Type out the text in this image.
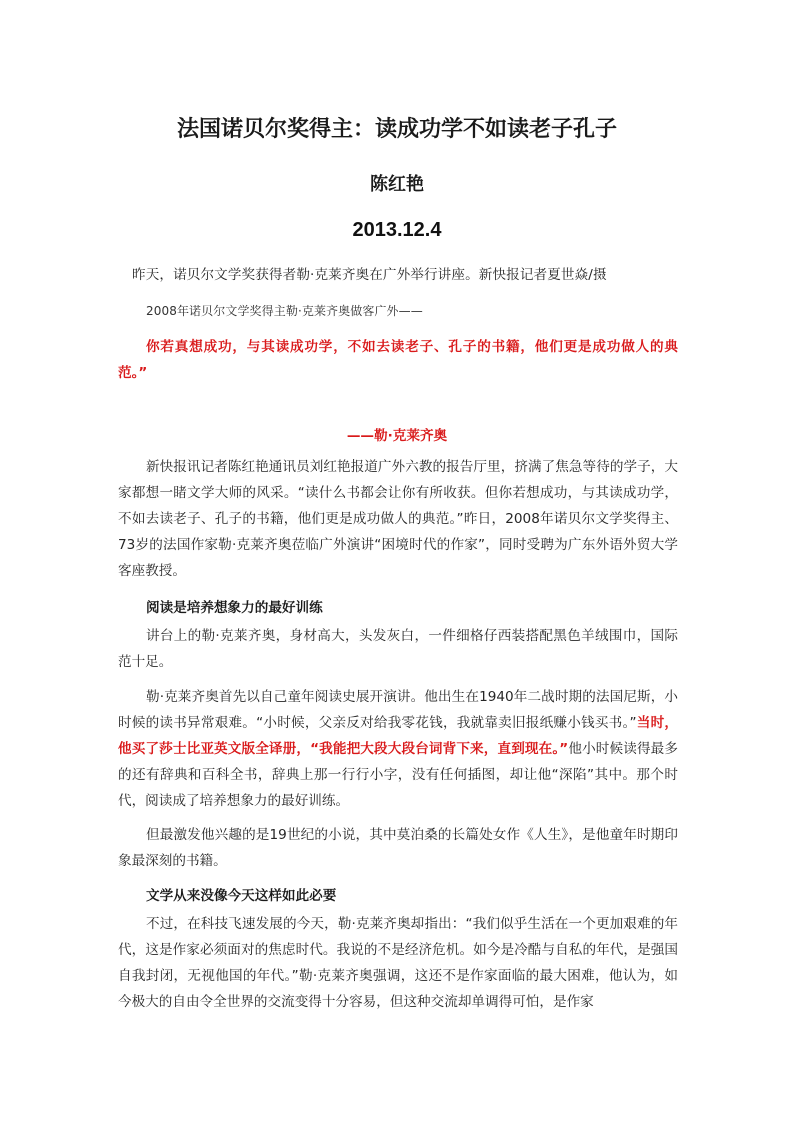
法国诺贝尔奖得主：读成功学不如读老子孔子
陈红艳
2013.12.4
昨天，诺贝尔文学奖获得者勒·克莱齐奥在广外举行讲座。新快报记者夏世焱/摄
2008年诺贝尔文学奖得主勒·克莱齐奥做客广外——
你若真想成功，与其读成功学，不如去读老子、孔子的书籍，他们更是成功做人的典范。”
——勒·克莱齐奥
新快报讯记者陈红艳通讯员刘红艳报道广外六教的报告厅里，挤满了焦急等待的学子，大家都想一睹文学大师的风采。“读什么书都会让你有所收获。但你若想成功，与其读成功学，不如去读老子、孔子的书籍，他们更是成功做人的典范。”昨日，2008年诺贝尔文学奖得主、73岁的法国作家勒·克莱齐奥莅临广外演讲“困境时代的作家”，同时受聘为广东外语外贸大学客座教授。
阅读是培养想象力的最好训练
讲台上的勒·克莱齐奥，身材高大，头发灰白，一件细格仔西装搭配黑色羊绒围巾，国际范十足。
勒·克莱齐奥首先以自己童年阅读史展开演讲。他出生在1940年二战时期的法国尼斯，小时候的读书异常艰难。“小时候，父亲反对给我零花钱，我就靠卖旧报纸赚小钱买书。”当时，他买了莎士比亚英文版全译册，“我能把大段大段台词背下来，直到现在。”他小时候读得最多的还有辞典和百科全书，辞典上那一行行小字，没有任何插图，却让他“深陷”其中。那个时代，阅读成了培养想象力的最好训练。
但最激发他兴趣的是19世纪的小说，其中莫泊桑的长篇处女作《人生》，是他童年时期印象最深刻的书籍。
文学从来没像今天这样如此必要
不过，在科技飞速发展的今天，勒·克莱齐奥却指出：“我们似乎生活在一个更加艰难的年代，这是作家必须面对的焦虑时代。我说的不是经济危机。如今是冷酷与自私的年代，是强国自我封闭，无视他国的年代。”勒·克莱齐奥强调，这还不是作家面临的最大困难，他认为，如今极大的自由令全世界的交流变得十分容易，但这种交流却单调得可怕，是作家
